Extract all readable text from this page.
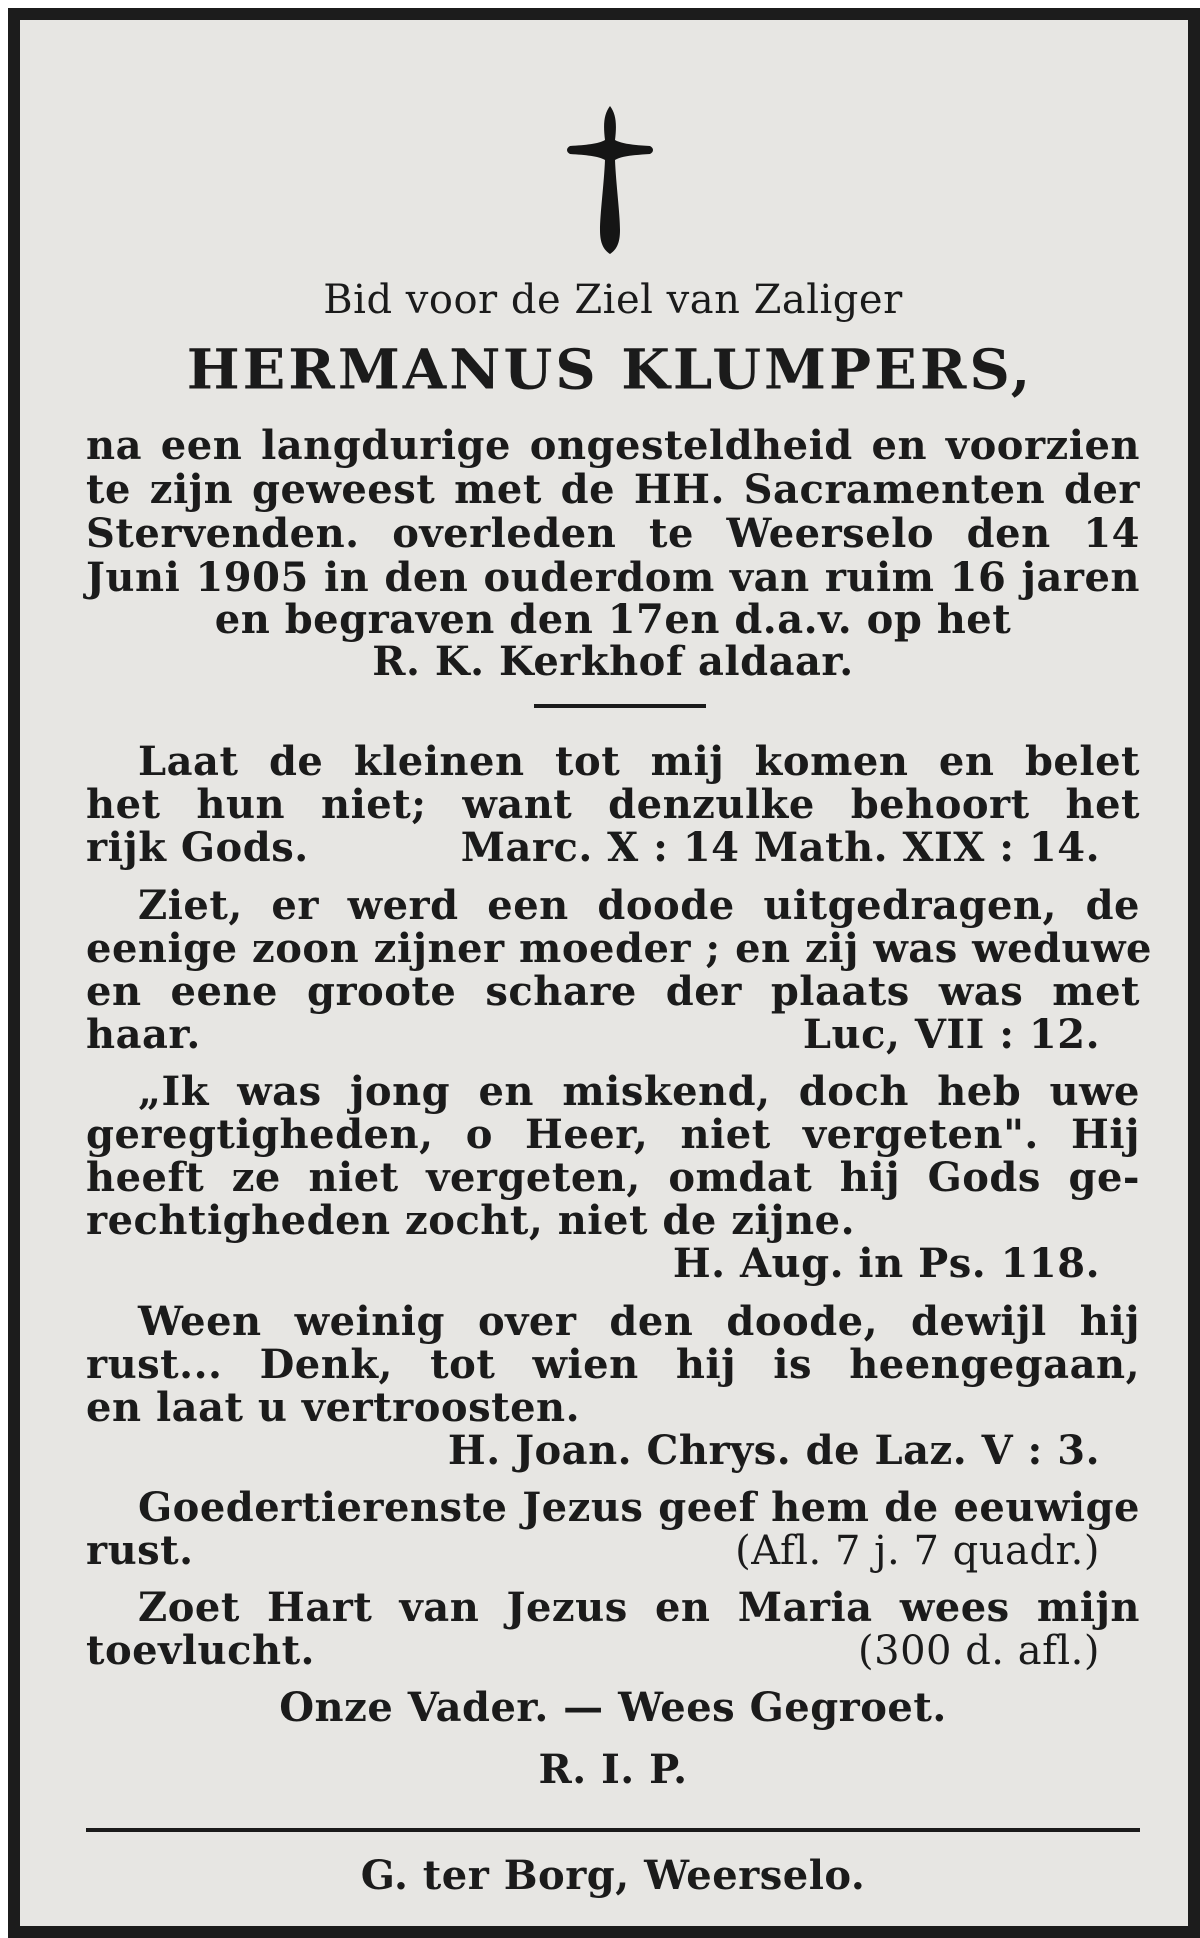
Bid voor de Ziel van Zaliger
HERMANUS KLUMPERS,
na een langdurige ongesteldheid en voorzien
te zijn geweest met de HH. Sacramenten der
Stervenden. overleden te Weerselo den 14
Juni 1905 in den ouderdom van ruim 16 jaren
en begraven den 17en d.a.v. op het
R. K. Kerkhof aldaar.
Laat de kleinen tot mij komen en belet
het hun niet; want denzulke behoort het
rijk Gods.	Marc. X : 14 Math. XIX : 14.
Ziet, er werd een doode uitgedragen, de
eenige zoon zijner moeder ; en zij was weduwe
en eene groote schare der plaats was met
haar.	Luc, VII : 12.
„Ik was jong en miskend, doch heb uwe
geregtigheden, o Heer, niet vergeten". Hij
heeft ze niet vergeten, omdat hij Gods ge-
rechtigheden zocht, niet de zijne.
H. Aug. in Ps. 118.
Ween weinig over den doode, dewijl hij
rust... Denk, tot wien hij is heengegaan,
en laat u vertroosten.
H. Joan. Chrys. de Laz. V : 3.
Goedertierenste Jezus geef hem de eeuwige
rust.	(Afl. 7 j. 7 quadr.)
Zoet Hart van Jezus en Maria wees mijn
toevlucht.	(300 d. afl.)
Onze Vader. — Wees Gegroet.
R. I. P.
G. ter Borg, Weerselo.
